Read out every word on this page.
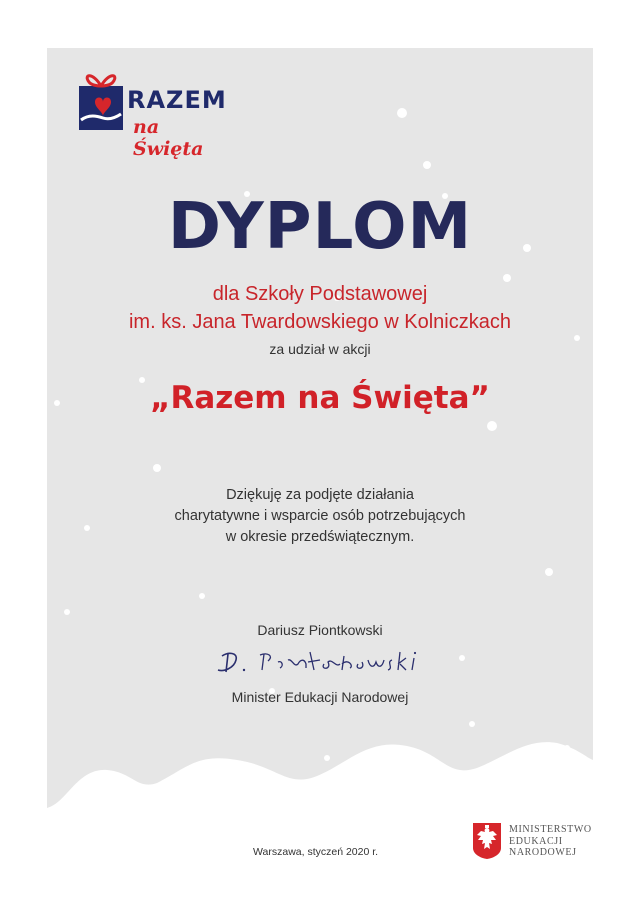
RAZEM
na Święta
DYPLOM
dla Szkoły Podstawowej
im. ks. Jana Twardowskiego w Kolniczkach
za udział w akcji
„Razem na Święta”
Dziękuję za podjęte działania
charytatywne i wsparcie osób potrzebujących
w okresie przedświątecznym.
Dariusz Piontkowski
Minister Edukacji Narodowej
Warszawa, styczeń 2020 r.
MINISTERSTWO
EDUKACJI
NARODOWEJ
